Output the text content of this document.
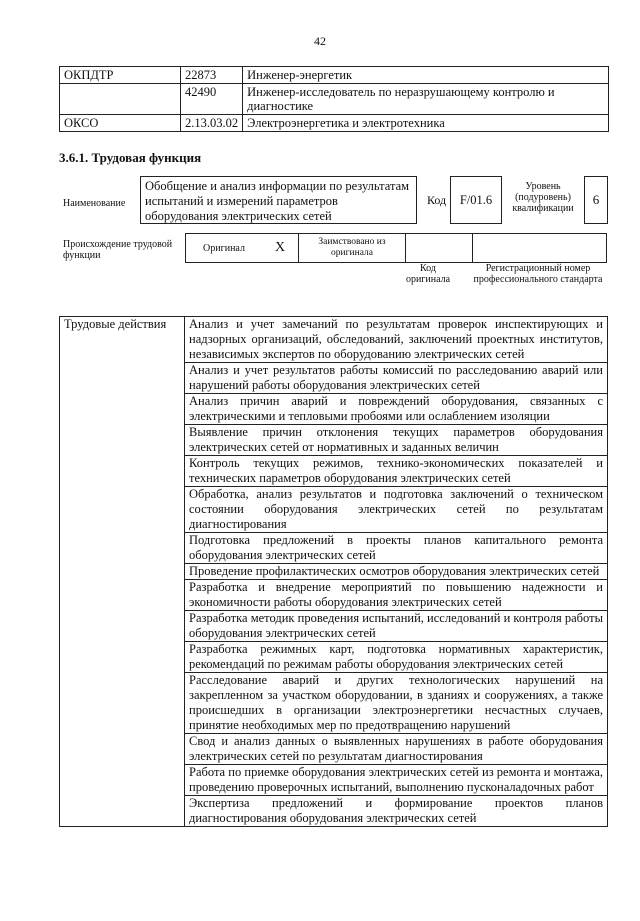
42
ОКПДТР	22873	Инженер-энергетик
	42490	Инженер-исследователь по неразрушающему контролю и диагностике
ОКСО	2.13.03.02	Электроэнергетика и электротехника
3.6.1. Трудовая функция
Наименование
Обобщение и анализ информации по результатам испытаний и измерений параметров оборудования электрических сетей
Код	F/01.6
Уровень (подуровень) квалификации
6
Происхождение трудовой функции
Оригинал	X	Заимствовано из оригинала		
Код оригинала
Регистрационный номер профессионального стандарта
Трудовые действия	Анализ и учет замечаний по результатам проверок инспектирующих и надзорных организаций, обследований, заключений проектных институтов, независимых экспертов по оборудованию электрических сетей
Анализ и учет результатов работы комиссий по расследованию аварий или нарушений работы оборудования электрических сетей
Анализ причин аварий и повреждений оборудования, связанных с электрическими и тепловыми пробоями или ослаблением изоляции
Выявление причин отклонения текущих параметров оборудования электрических сетей от нормативных и заданных величин
Контроль текущих режимов, технико-экономических показателей и технических параметров оборудования электрических сетей
Обработка, анализ результатов и подготовка заключений о техническом состоянии оборудования электрических сетей по результатам диагностирования
Подготовка предложений в проекты планов капитального ремонта оборудования электрических сетей
Проведение профилактических осмотров оборудования электрических сетей
Разработка и внедрение мероприятий по повышению надежности и экономичности работы оборудования электрических сетей
Разработка методик проведения испытаний, исследований и контроля работы оборудования электрических сетей
Разработка режимных карт, подготовка нормативных характеристик, рекомендаций по режимам работы оборудования электрических сетей
Расследование аварий и других технологических нарушений на закрепленном за участком оборудовании, в зданиях и сооружениях, а также происшедших в организации электроэнергетики несчастных случаев, принятие необходимых мер по предотвращению нарушений
Свод и анализ данных о выявленных нарушениях в работе оборудования электрических сетей по результатам диагностирования
Работа по приемке оборудования электрических сетей из ремонта и монтажа, проведению проверочных испытаний, выполнению пусконаладочных работ
Экспертиза предложений и формирование проектов планов диагностирования оборудования электрических сетей
